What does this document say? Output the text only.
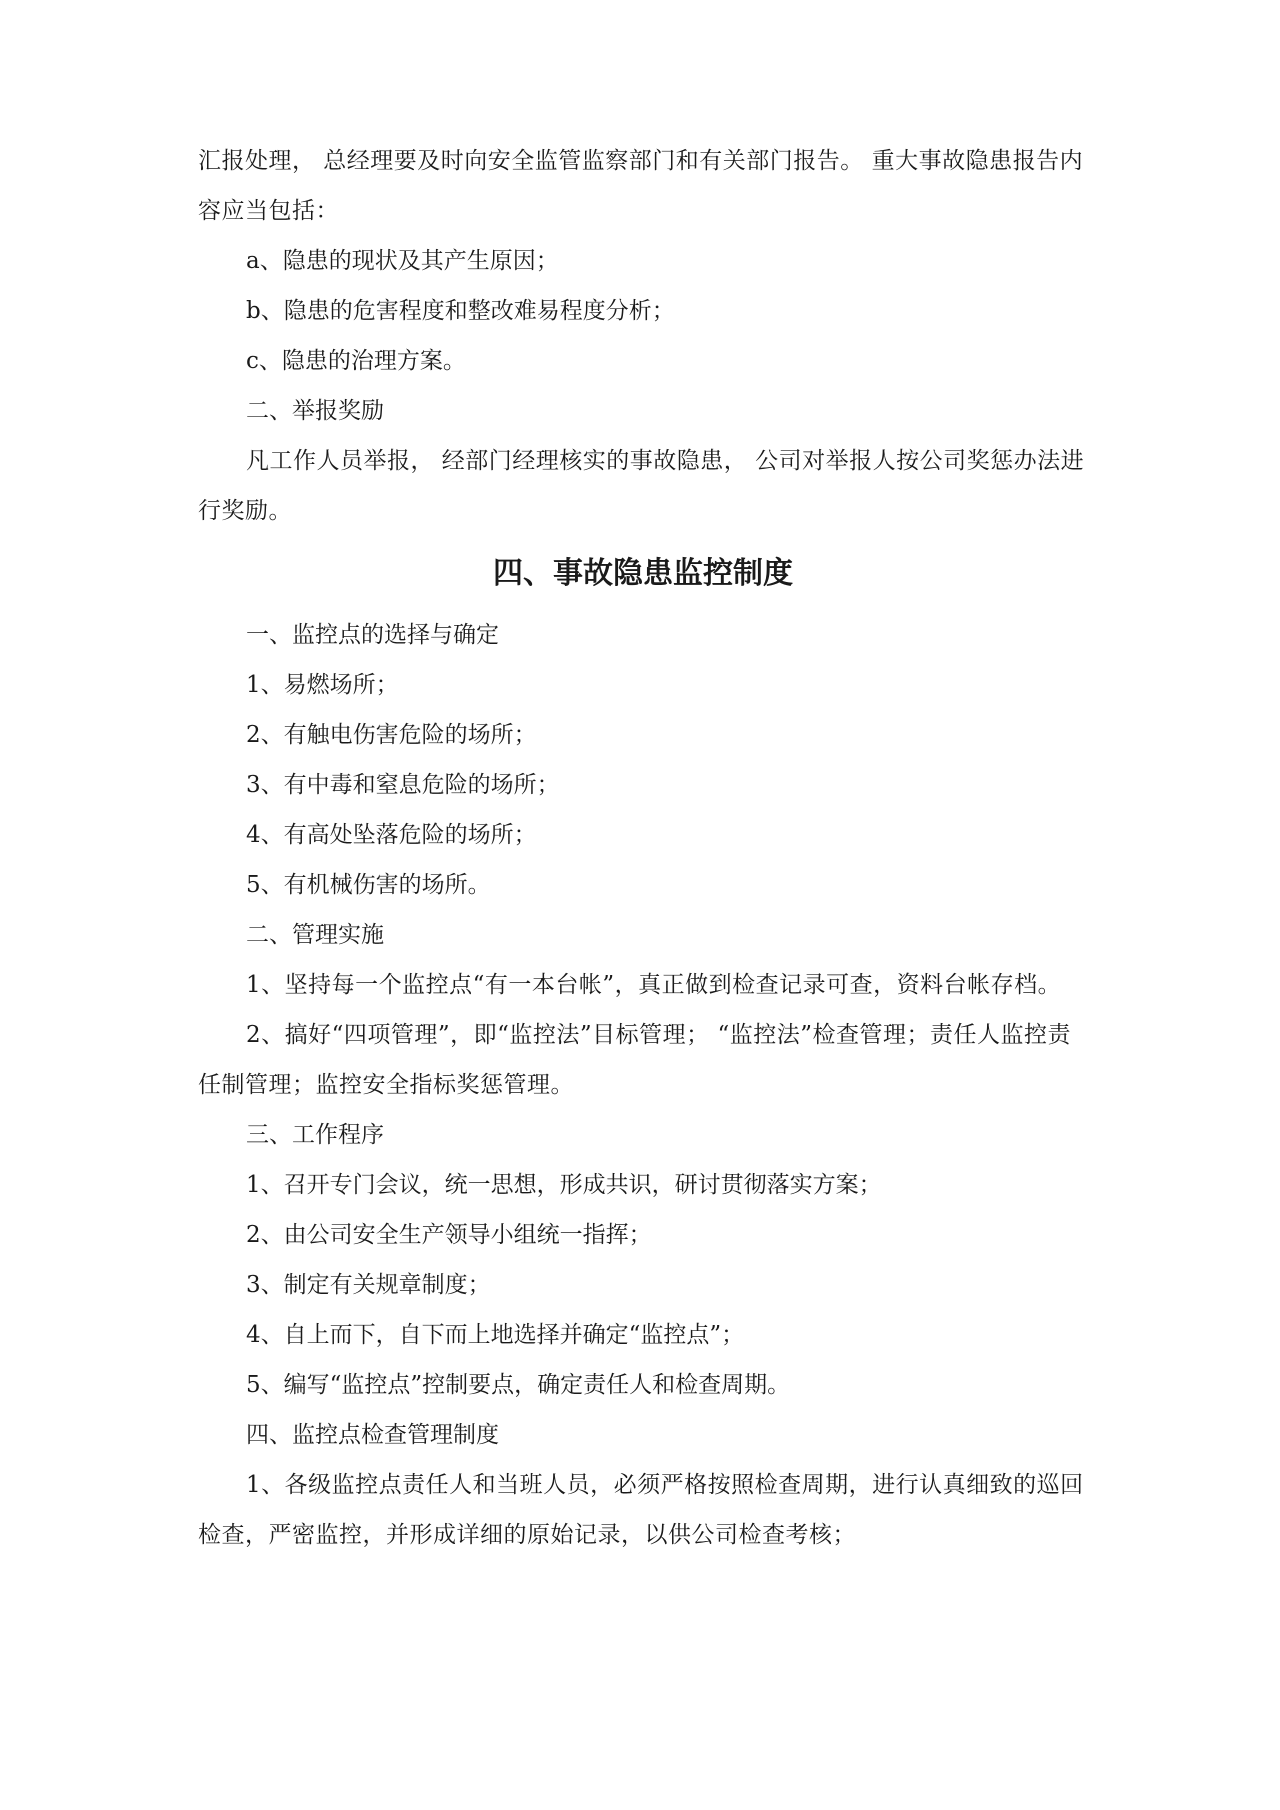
汇报处理， 总经理要及时向安全监管监察部门和有关部门报告。 重大事故隐患报告内容应当包括：

a、隐患的现状及其产生原因；

b、隐患的危害程度和整改难易程度分析；

c、隐患的治理方案。

二、举报奖励

凡工作人员举报， 经部门经理核实的事故隐患， 公司对举报人按公司奖惩办法进行奖励。

四、事故隐患监控制度

一、监控点的选择与确定

1、易燃场所；

2、有触电伤害危险的场所；

3、有中毒和窒息危险的场所；

4、有高处坠落危险的场所；

5、有机械伤害的场所。

二、管理实施

1、坚持每一个监控点“有一本台帐”，真正做到检查记录可查，资料台帐存档。

2、搞好“四项管理”，即“监控法”目标管理； “监控法”检查管理；责任人监控责任制管理；监控安全指标奖惩管理。

三、工作程序

1、召开专门会议，统一思想，形成共识，研讨贯彻落实方案；

2、由公司安全生产领导小组统一指挥；

3、制定有关规章制度；

4、自上而下，自下而上地选择并确定“监控点”；

5、编写“监控点”控制要点，确定责任人和检查周期。

四、监控点检查管理制度

1、各级监控点责任人和当班人员，必须严格按照检查周期，进行认真细致的巡回检查，严密监控，并形成详细的原始记录，以供公司检查考核；
